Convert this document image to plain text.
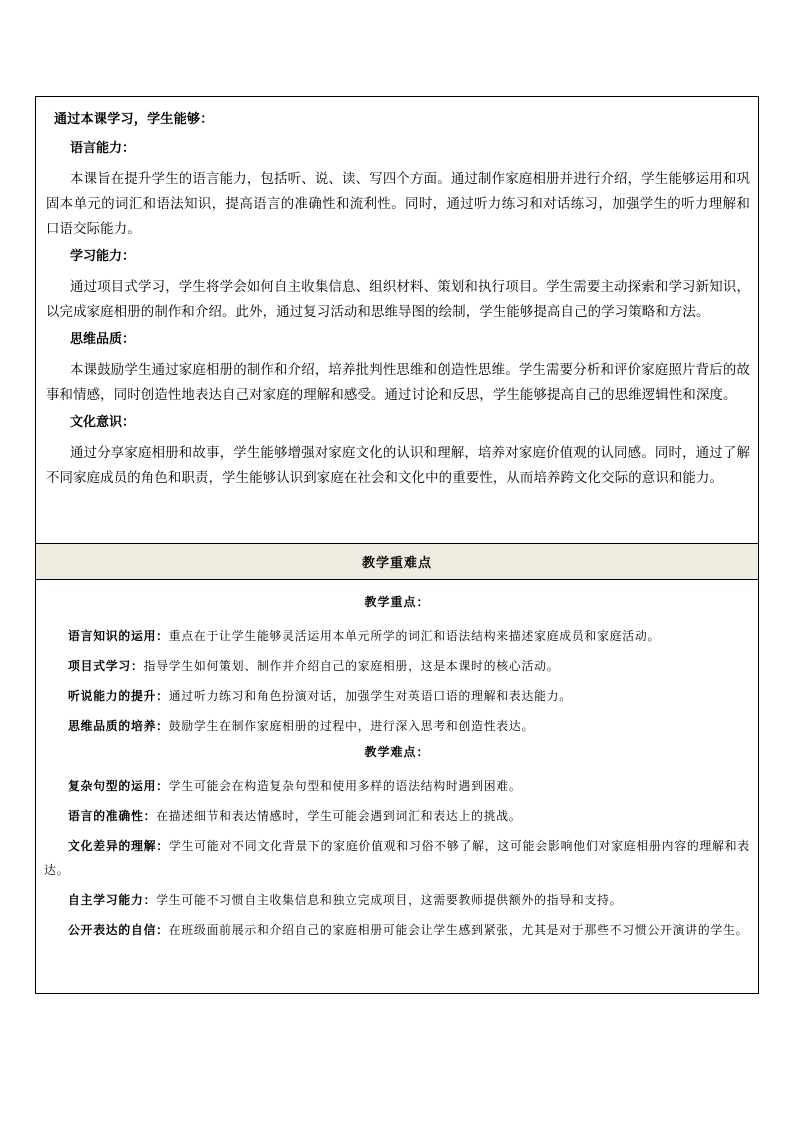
通过本课学习，学生能够：
语言能力：
本课旨在提升学生的语言能力，包括听、说、读、写四个方面。通过制作家庭相册并进行介绍，学生能够运用和巩固本单元的词汇和语法知识，提高语言的准确性和流利性。同时，通过听力练习和对话练习，加强学生的听力理解和口语交际能力。
学习能力：
通过项目式学习，学生将学会如何自主收集信息、组织材料、策划和执行项目。学生需要主动探索和学习新知识，以完成家庭相册的制作和介绍。此外，通过复习活动和思维导图的绘制，学生能够提高自己的学习策略和方法。
思维品质：
本课鼓励学生通过家庭相册的制作和介绍，培养批判性思维和创造性思维。学生需要分析和评价家庭照片背后的故事和情感，同时创造性地表达自己对家庭的理解和感受。通过讨论和反思，学生能够提高自己的思维逻辑性和深度。
文化意识：
通过分享家庭相册和故事，学生能够增强对家庭文化的认识和理解，培养对家庭价值观的认同感。同时，通过了解不同家庭成员的角色和职责，学生能够认识到家庭在社会和文化中的重要性，从而培养跨文化交际的意识和能力。
教学重难点
教学重点：
语言知识的运用：重点在于让学生能够灵活运用本单元所学的词汇和语法结构来描述家庭成员和家庭活动。
项目式学习：指导学生如何策划、制作并介绍自己的家庭相册，这是本课时的核心活动。
听说能力的提升：通过听力练习和角色扮演对话，加强学生对英语口语的理解和表达能力。
思维品质的培养：鼓励学生在制作家庭相册的过程中，进行深入思考和创造性表达。
教学难点：
复杂句型的运用：学生可能会在构造复杂句型和使用多样的语法结构时遇到困难。
语言的准确性：在描述细节和表达情感时，学生可能会遇到词汇和表达上的挑战。
文化差异的理解：学生可能对不同文化背景下的家庭价值观和习俗不够了解，这可能会影响他们对家庭相册内容的理解和表达。
自主学习能力：学生可能不习惯自主收集信息和独立完成项目，这需要教师提供额外的指导和支持。
公开表达的自信：在班级面前展示和介绍自己的家庭相册可能会让学生感到紧张，尤其是对于那些不习惯公开演讲的学生。
